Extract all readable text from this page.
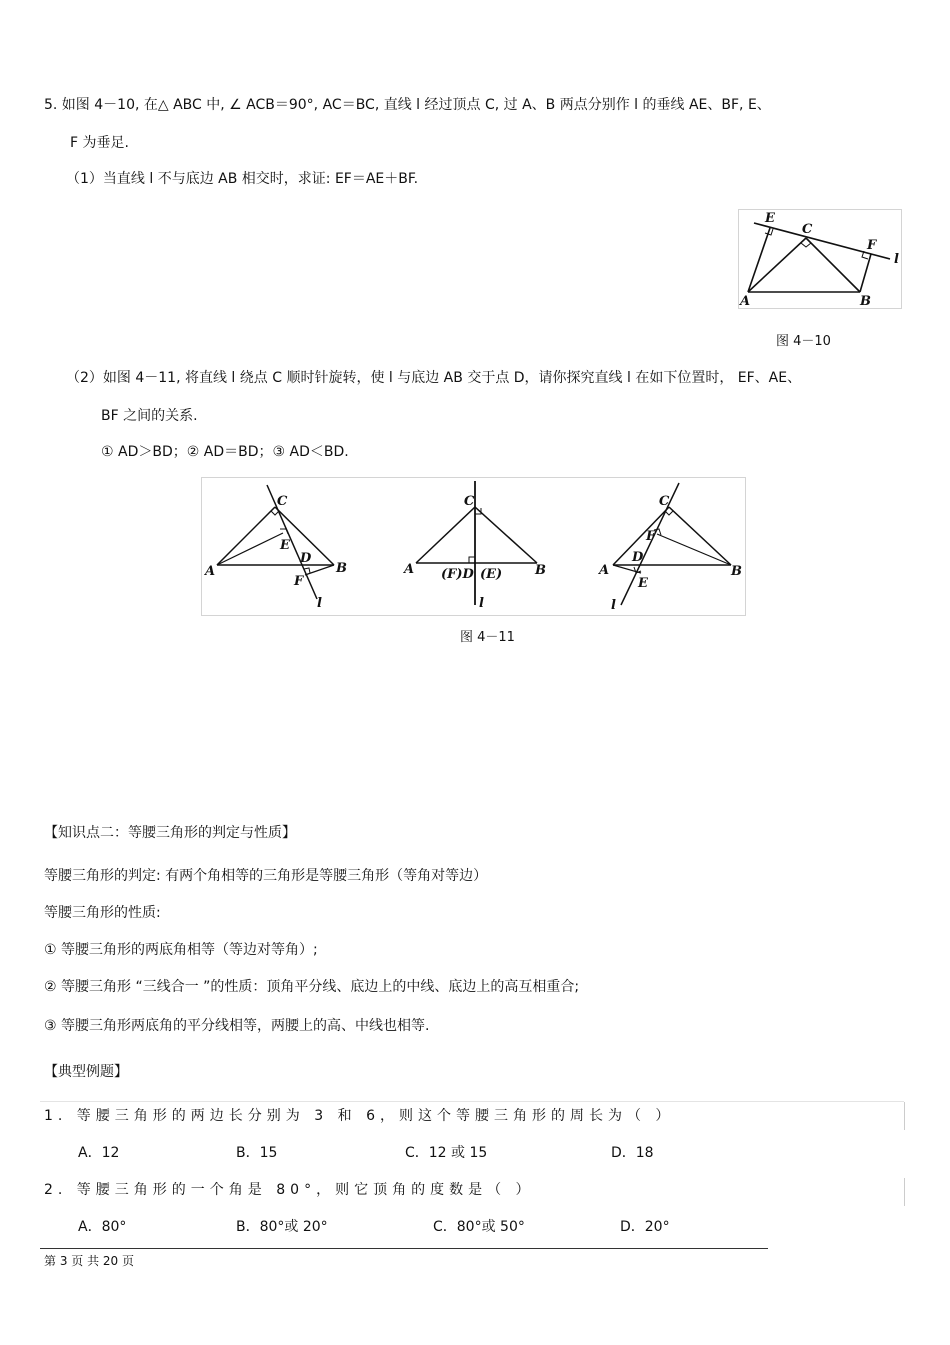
5. 如图 4－10, 在△ ABC 中, ∠ ACB＝90°, AC＝BC, 直线 l 经过顶点 C, 过 A、B 两点分别作 l 的垂线 AE、BF, E、
F 为垂足.
（1）当直线 l 不与底边 AB 相交时，求证: EF＝AE＋BF.
E
C
F
l
A	B
图 4－10
（2）如图 4－11, 将直线 l 绕点 C 顺时针旋转，使 l 与底边 AB 交于点 D，请你探究直线 l 在如下位置时， EF、AE、
BF 之间的关系.
① AD＞BD；② AD＝BD；③ AD＜BD.
C
E
D
A	B
F
l
C
A	B
(F)D (E)
l
C
F
D
A
E
B
l
图 4－11
【知识点二：等腰三角形的判定与性质】
等腰三角形的判定: 有两个角相等的三角形是等腰三角形（等角对等边）
等腰三角形的性质:
① 等腰三角形的两底角相等（等边对等角）;
② 等腰三角形 “三线合一 ”的性质：顶角平分线、底边上的中线、底边上的高互相重合;
③ 等腰三角形两底角的平分线相等，两腰上的高、中线也相等.
【典型例题】
1. 等腰三角形的两边长分别为 3 和 6，则这个等腰三角形的周长为（ ）
A．12	B．15	C．12 或 15	D．18
2. 等腰三角形的一个角是 80°，则它顶角的度数是（ ）
A．80°	B．80°或 20°	C．80°或 50°	D．20°
第 3 页 共 20 页
